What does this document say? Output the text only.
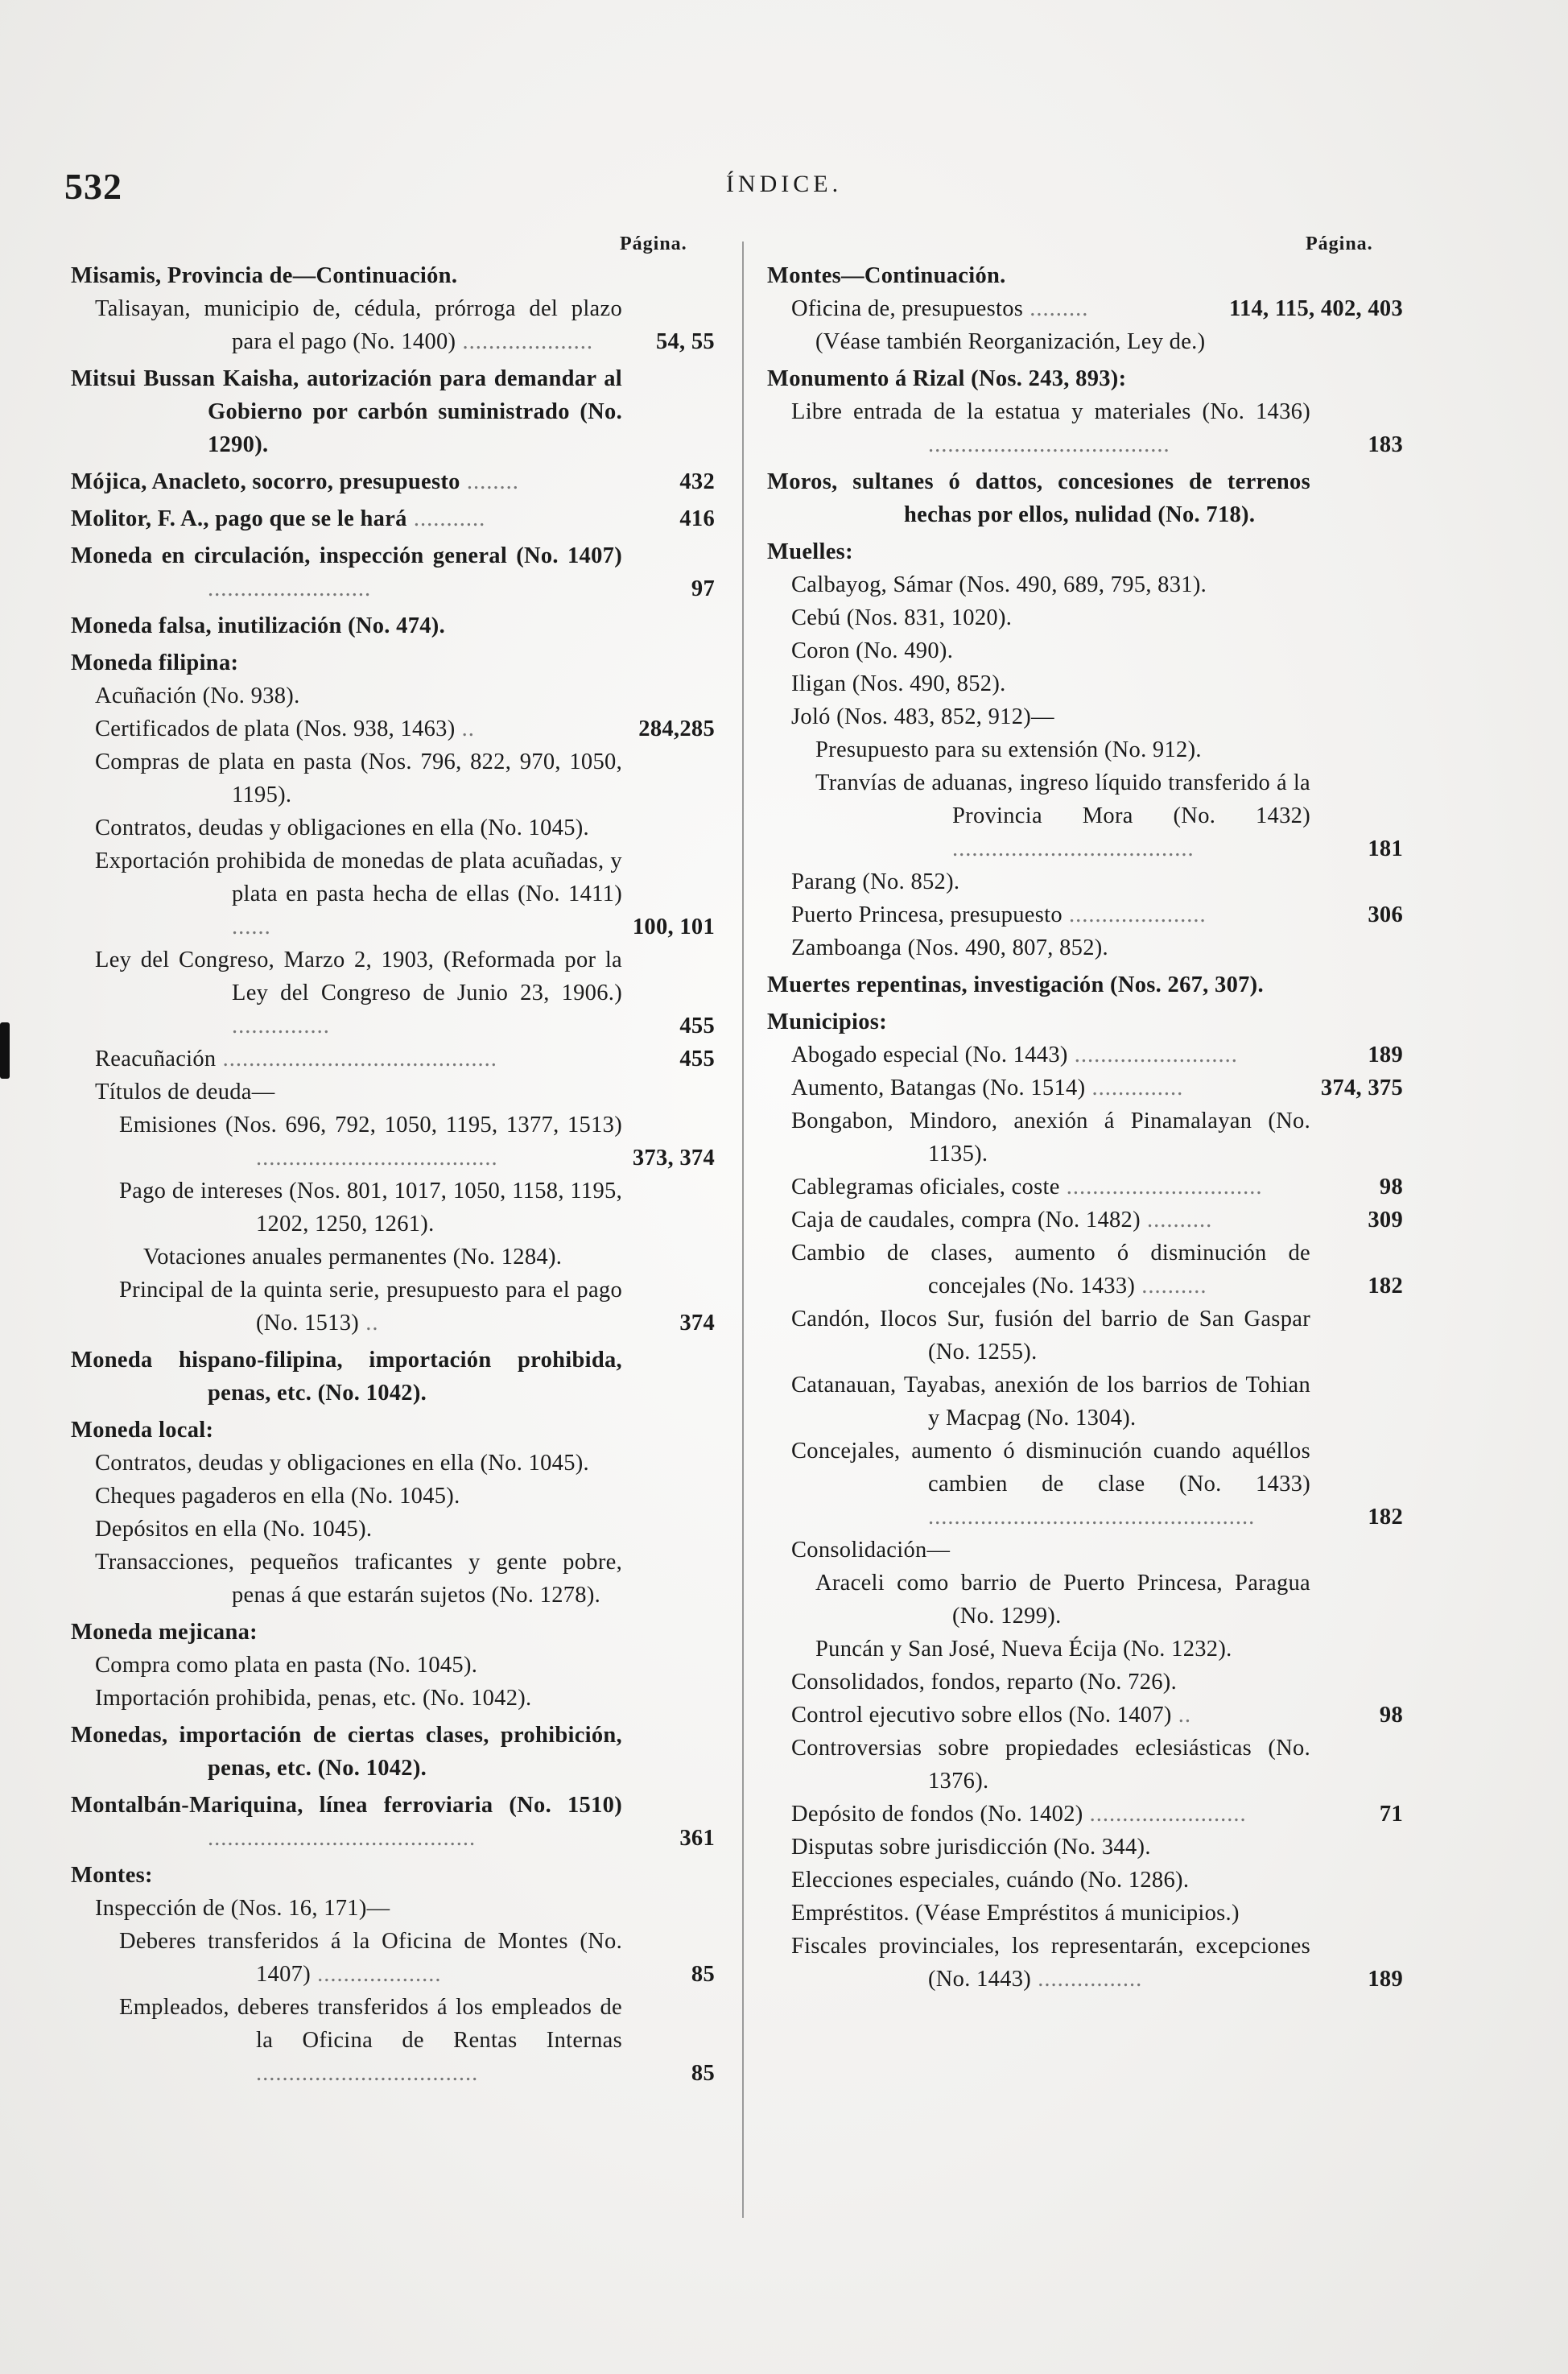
532	ÍNDICE.
Página.	Página.
Misamis, Provincia de—Continuación.
Talisayan, municipio de, cédula, prórroga del plazo para el pago (No. 1400) ....................	54, 55
Mitsui Bussan Kaisha, autorización para demandar al Gobierno por carbón suministrado (No. 1290).
Mójica, Anacleto, socorro, presupuesto ........	432
Molitor, F. A., pago que se le hará ...........	416
Moneda en circulación, inspección general (No. 1407) .........................	97
Moneda falsa, inutilización (No. 474).
Moneda filipina:
Acuñación (No. 938).
Certificados de plata (Nos. 938, 1463) ..	284,285
Compras de plata en pasta (Nos. 796, 822, 970, 1050, 1195).
Contratos, deudas y obligaciones en ella (No. 1045).
Exportación prohibida de monedas de plata acuñadas, y plata en pasta hecha de ellas (No. 1411) ......	100, 101
Ley del Congreso, Marzo 2, 1903, (Reformada por la Ley del Congreso de Junio 23, 1906.) ...............	455
Reacuñación ..........................................	455
Títulos de deuda—
Emisiones (Nos. 696, 792, 1050, 1195, 1377, 1513) .....................................	373, 374
Pago de intereses (Nos. 801, 1017, 1050, 1158, 1195, 1202, 1250, 1261).
Votaciones anuales permanentes (No. 1284).
Principal de la quinta serie, presupuesto para el pago (No. 1513) ..	374
Moneda hispano-filipina, importación prohibida, penas, etc. (No. 1042).
Moneda local:
Contratos, deudas y obligaciones en ella (No. 1045).
Cheques pagaderos en ella (No. 1045).
Depósitos en ella (No. 1045).
Transacciones, pequeños traficantes y gente pobre, penas á que estarán sujetos (No. 1278).
Moneda mejicana:
Compra como plata en pasta (No. 1045).
Importación prohibida, penas, etc. (No. 1042).
Monedas, importación de ciertas clases, prohibición, penas, etc. (No. 1042).
Montalbán-Mariquina, línea ferroviaria (No. 1510) .........................................	361
Montes:
Inspección de (Nos. 16, 171)—
Deberes transferidos á la Oficina de Montes (No. 1407) ...................	85
Empleados, deberes transferidos á los empleados de la Oficina de Rentas Internas ..................................	85
Montes—Continuación.
Oficina de, presupuestos .........	114, 115, 402, 403
(Véase también Reorganización, Ley de.)
Monumento á Rizal (Nos. 243, 893):
Libre entrada de la estatua y materiales (No. 1436) .....................................	183
Moros, sultanes ó dattos, concesiones de terrenos hechas por ellos, nulidad (No. 718).
Muelles:
Calbayog, Sámar (Nos. 490, 689, 795, 831).
Cebú (Nos. 831, 1020).
Coron (No. 490).
Iligan (Nos. 490, 852).
Joló (Nos. 483, 852, 912)—
Presupuesto para su extensión (No. 912).
Tranvías de aduanas, ingreso líquido transferido á la Provincia Mora (No. 1432) .....................................	181
Parang (No. 852).
Puerto Princesa, presupuesto .....................	306
Zamboanga (Nos. 490, 807, 852).
Muertes repentinas, investigación (Nos. 267, 307).
Municipios:
Abogado especial (No. 1443) .........................	189
Aumento, Batangas (No. 1514) ..............	374, 375
Bongabon, Mindoro, anexión á Pinamalayan (No. 1135).
Cablegramas oficiales, coste ..............................	98
Caja de caudales, compra (No. 1482) ..........	309
Cambio de clases, aumento ó disminución de concejales (No. 1433) ..........	182
Candón, Ilocos Sur, fusión del barrio de San Gaspar (No. 1255).
Catanauan, Tayabas, anexión de los barrios de Tohian y Macpag (No. 1304).
Concejales, aumento ó disminución cuando aquéllos cambien de clase (No. 1433) ..................................................	182
Consolidación—
Araceli como barrio de Puerto Princesa, Paragua (No. 1299).
Puncán y San José, Nueva Écija (No. 1232).
Consolidados, fondos, reparto (No. 726).
Control ejecutivo sobre ellos (No. 1407) ..	98
Controversias sobre propiedades eclesiásticas (No. 1376).
Depósito de fondos (No. 1402) ........................	71
Disputas sobre jurisdicción (No. 344).
Elecciones especiales, cuándo (No. 1286).
Empréstitos. (Véase Empréstitos á municipios.)
Fiscales provinciales, los representarán, excepciones (No. 1443) ................	189
